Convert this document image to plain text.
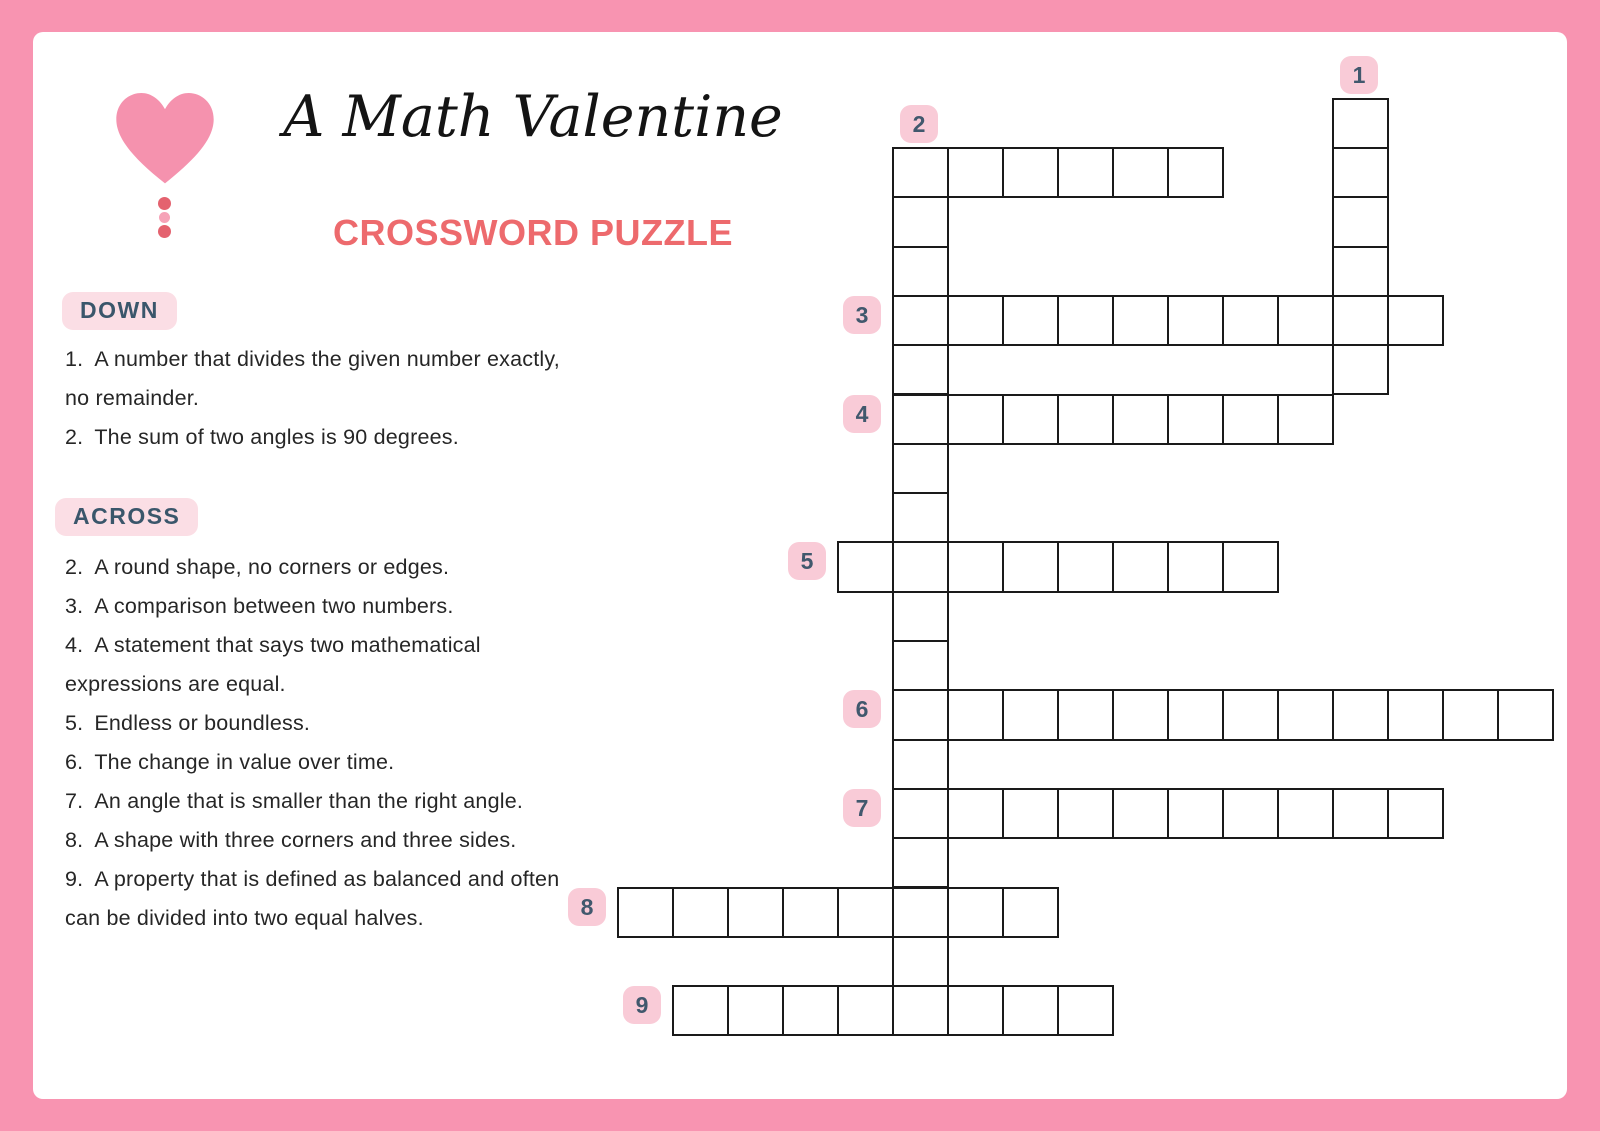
A Math Valentine
CROSSWORD PUZZLE
DOWN
1. A number that divides the given number exactly, no remainder.
2. The sum of two angles is 90 degrees.
ACROSS
2. A round shape, no corners or edges.
3. A comparison between two numbers.
4. A statement that says two mathematical expressions are equal.
5. Endless or boundless.
6. The change in value over time.
7. An angle that is smaller than the right angle.
8. A shape with three corners and three sides.
9. A property that is defined as balanced and often can be divided into two equal halves.
1
2
3
4
5
6
7
8
9
